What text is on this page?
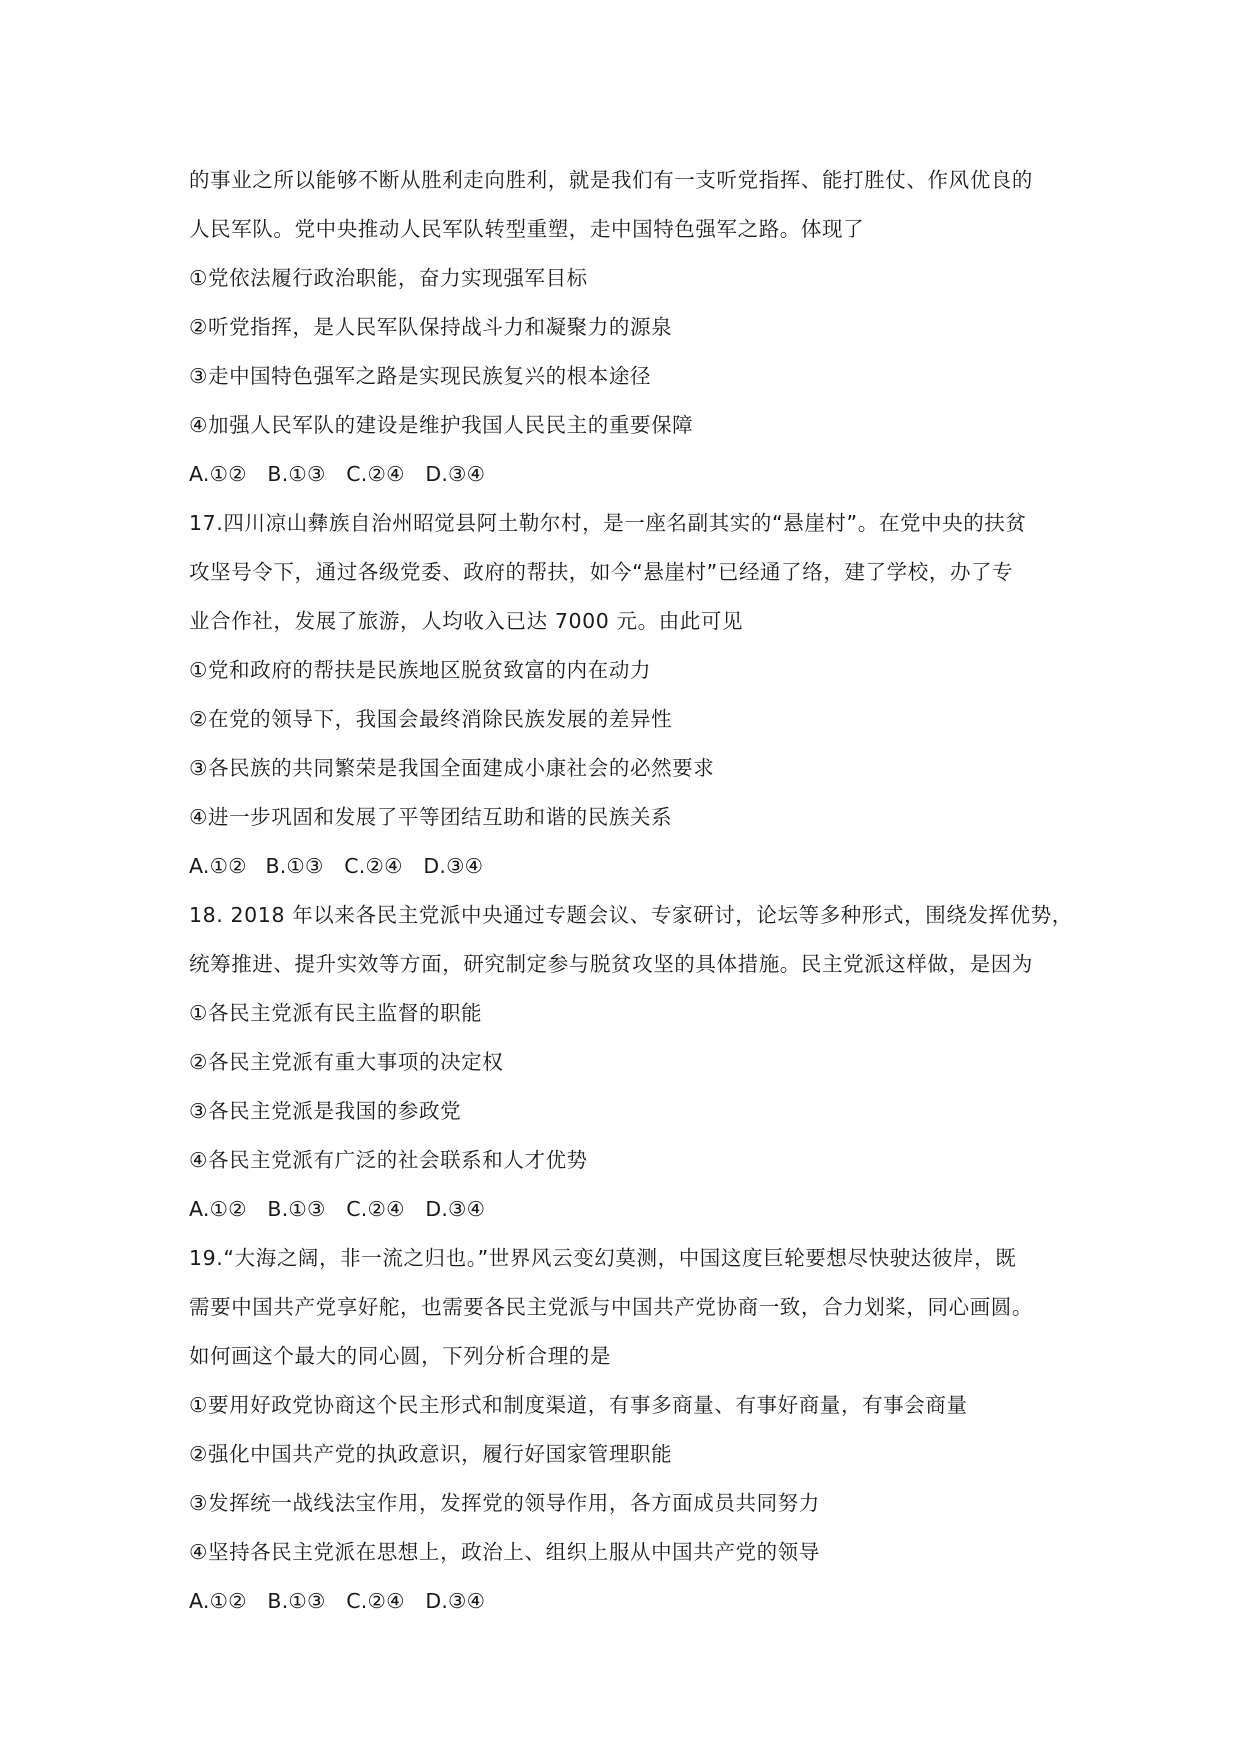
的事业之所以能够不断从胜利走向胜利，就是我们有一支听党指挥、能打胜仗、作风优良的
人民军队。党中央推动人民军队转型重塑，走中国特色强军之路。体现了
①党依法履行政治职能，奋力实现强军目标
②听党指挥，是人民军队保持战斗力和凝聚力的源泉
③走中国特色强军之路是实现民族复兴的根本途径
④加强人民军队的建设是维护我国人民民主的重要保障
A.①②　B.①③　C.②④　D.③④
17.四川凉山彝族自治州昭觉县阿土勒尔村，是一座名副其实的“悬崖村”。在党中央的扶贫
攻坚号令下，通过各级党委、政府的帮扶，如今“悬崖村”已经通了络，建了学校，办了专
业合作社，发展了旅游，人均收入已达 7000 元。由此可见
①党和政府的帮扶是民族地区脱贫致富的内在动力
②在党的领导下，我国会最终消除民族发展的差异性
③各民族的共同繁荣是我国全面建成小康社会的必然要求
④进一步巩固和发展了平等团结互助和谐的民族关系
A.①② B.①③　C.②④　D.③④
18. 2018 年以来各民主党派中央通过专题会议、专家研讨，论坛等多种形式，围绕发挥优势，
统筹推进、提升实效等方面，研究制定参与脱贫攻坚的具体措施。民主党派这样做，是因为
①各民主党派有民主监督的职能
②各民主党派有重大事项的决定权
③各民主党派是我国的参政党
④各民主党派有广泛的社会联系和人才优势
A.①②　B.①③　C.②④　D.③④
19.“大海之阔，非一流之归也。”世界风云变幻莫测，中国这度巨轮要想尽快驶达彼岸，既
需要中国共产党享好舵，也需要各民主党派与中国共产党协商一致，合力划桨，同心画圆。
如何画这个最大的同心圆，下列分析合理的是
①要用好政党协商这个民主形式和制度渠道，有事多商量、有事好商量，有事会商量
②强化中国共产党的执政意识，履行好国家管理职能
③发挥统一战线法宝作用，发挥党的领导作用，各方面成员共同努力
④坚持各民主党派在思想上，政治上、组织上服从中国共产党的领导
A.①②　B.①③　C.②④　D.③④
